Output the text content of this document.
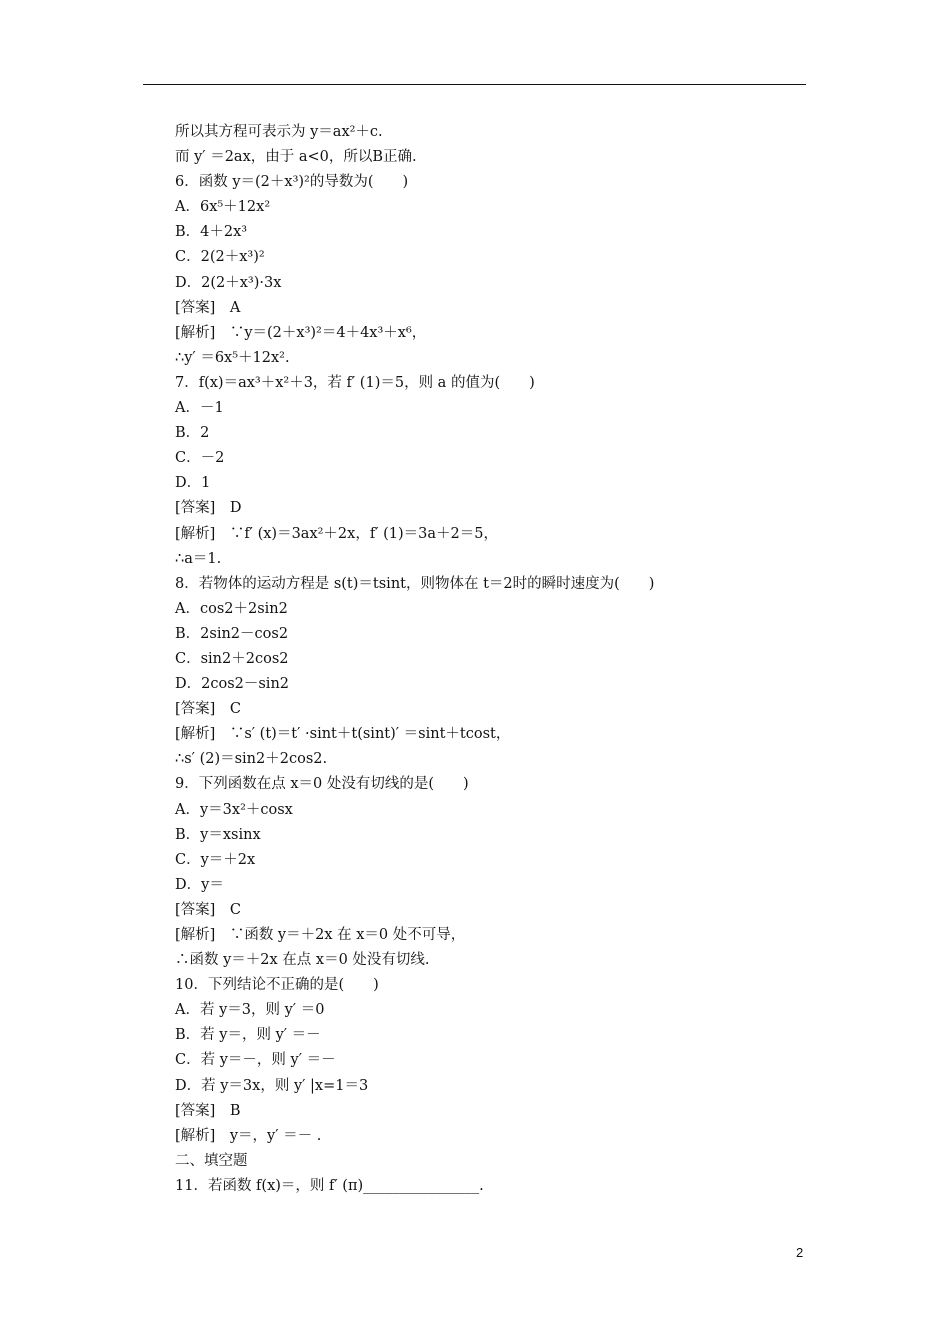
所以其方程可表示为 y＝ax²＋c.
而 y′ ＝2ax，由于 a<0，所以B正确.
6．函数 y＝(2＋x³)²的导数为(　　)
A．6x⁵＋12x²
B．4＋2x³
C．2(2＋x³)²
D．2(2＋x³)·3x
[答案]　A
[解析]　∵y＝(2＋x³)²＝4＋4x³＋x⁶，
∴y′ ＝6x⁵＋12x².
7．f(x)＝ax³＋x²＋3，若 f′ (1)＝5，则 a 的值为(　　)
A．－1
B．2
C．－2
D．1
[答案]　D
[解析]　∵f′ (x)＝3ax²＋2x，f′ (1)＝3a＋2＝5，
∴a＝1.
8．若物体的运动方程是 s(t)＝tsint，则物体在 t＝2时的瞬时速度为(　　)
A．cos2＋2sin2
B．2sin2－cos2
C．sin2＋2cos2
D．2cos2－sin2
[答案]　C
[解析]　∵s′ (t)＝t′ ·sint＋t(sint)′ ＝sint＋tcost，
∴s′ (2)＝sin2＋2cos2.
9．下列函数在点 x＝0 处没有切线的是(　　)
A．y＝3x²＋cosx
B．y＝xsinx
C．y＝＋2x
D．y＝
[答案]　C
[解析]　∵函数 y＝＋2x 在 x＝0 处不可导，
∴函数 y＝＋2x 在点 x＝0 处没有切线.
10．下列结论不正确的是(　　)
A．若 y＝3，则 y′ ＝0
B．若 y＝，则 y′ ＝－
C．若 y＝－，则 y′ ＝－
D．若 y＝3x，则 y′ |x=1＝3
[答案]　B
[解析]　y＝，y′ ＝－ .
二、填空题
11．若函数 f(x)＝，则 f′ (π)________________.
2
